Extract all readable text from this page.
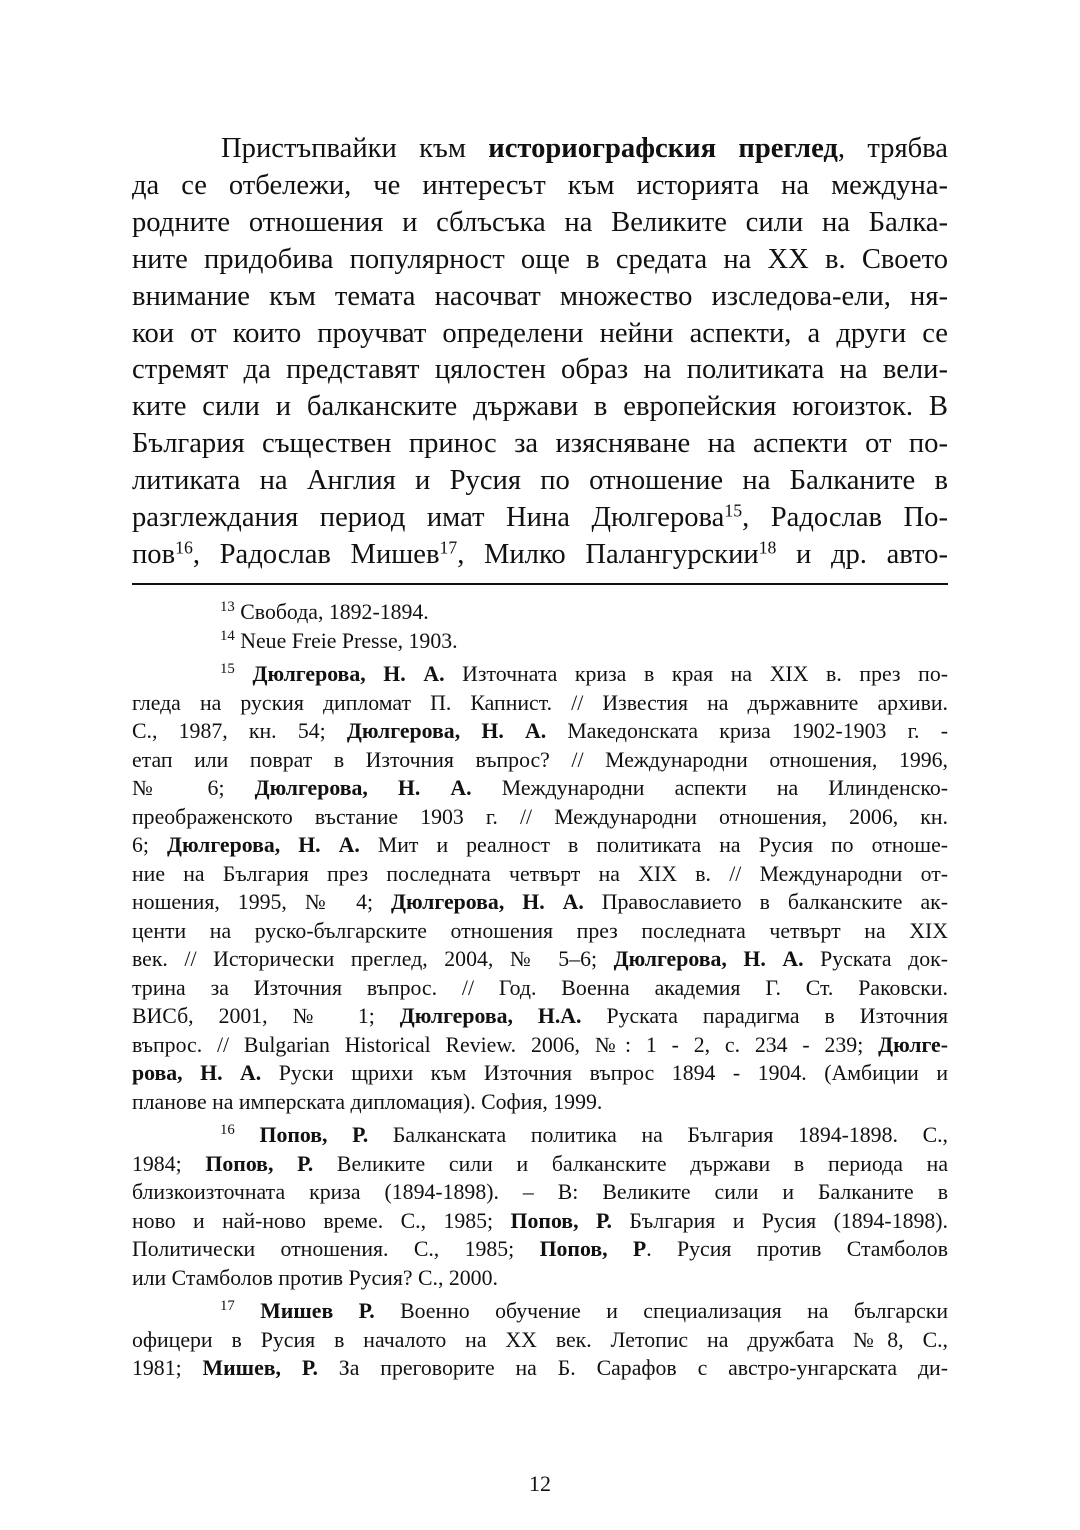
Пристъпвайки към историографския преглед, трябва
да се отбележи, че интересът към историята на междуна-
родните отношения и сблъсъка на Великите сили на Балка-
ните придобива популярност още в средата на XX в. Своето
внимание към темата насочват множество изследова-ели, ня-
кои от които проучват определени нейни аспекти, а други се
стремят да представят цялостен образ на политиката на вели-
ките сили и балканските държави в европейския югоизток. В
България съществен принос за изясняване на аспекти от по-
литиката на Англия и Русия по отношение на Балканите в
разглеждания период имат Нина Дюлгерова$^{15}$, Радослав По-
пов$^{16}$, Радослав Мишев$^{17}$, Милко Палангурскии$^{18}$ и др. авто-
$^{13}$ Свобода, 1892-1894.
$^{14}$ Neue Freie Presse, 1903.
$^{15}$ Дюлгерова, Н. А. Източната криза в края на XIX в. през по-
гледа на руския дипломат П. Капнист. // Известия на държавните архиви.
С., 1987, кн. 54; Дюлгерова, Н. А. Македонската криза 1902-1903 г. -
етап или поврат в Източния въпрос? // Международни отношения, 1996,
№ 6; Дюлгерова, Н. А. Международни аспекти на Илинденско-
преображенското въстание 1903 г. // Международни отношения, 2006, кн.
6; Дюлгерова, Н. А. Мит и реалност в политиката на Русия по отноше-
ние на България през последната четвърт на XIX в. // Международни от-
ношения, 1995, № 4; Дюлгерова, Н. А. Православието в балканските ак-
центи на руско-българските отношения през последната четвърт на XIX
век. // Исторически преглед, 2004, № 5–6; Дюлгерова, Н. А. Руската док-
трина за Източния въпрос. // Год. Военна академия Г. Ст. Раковски.
ВИСб, 2001, № 1; Дюлгерова, Н.А. Руската парадигма в Източния
въпрос. // Bulgarian Historical Review. 2006, №: 1 - 2, с. 234 - 239; Дюлге-
рова, Н. А. Руски щрихи към Източния въпрос 1894 - 1904. (Амбиции и
планове на имперската дипломация). София, 1999.
$^{16}$ Попов, Р. Балканската политика на България 1894-1898. С.,
1984; Попов, Р. Великите сили и балканските държави в периода на
близкоизточната криза (1894-1898). – В: Великите сили и Балканите в
ново и най-ново време. С., 1985; Попов, Р. България и Русия (1894-1898).
Политически отношения. С., 1985; Попов, Р. Русия против Стамболов
или Стамболов против Русия? С., 2000.
$^{17}$ Мишев Р. Военно обучение и специализация на български
офицери в Русия в началото на XX век. Летопис на дружбата №8, С.,
1981; Мишев, Р. За преговорите на Б. Сарафов с австро-унгарската ди-
12
